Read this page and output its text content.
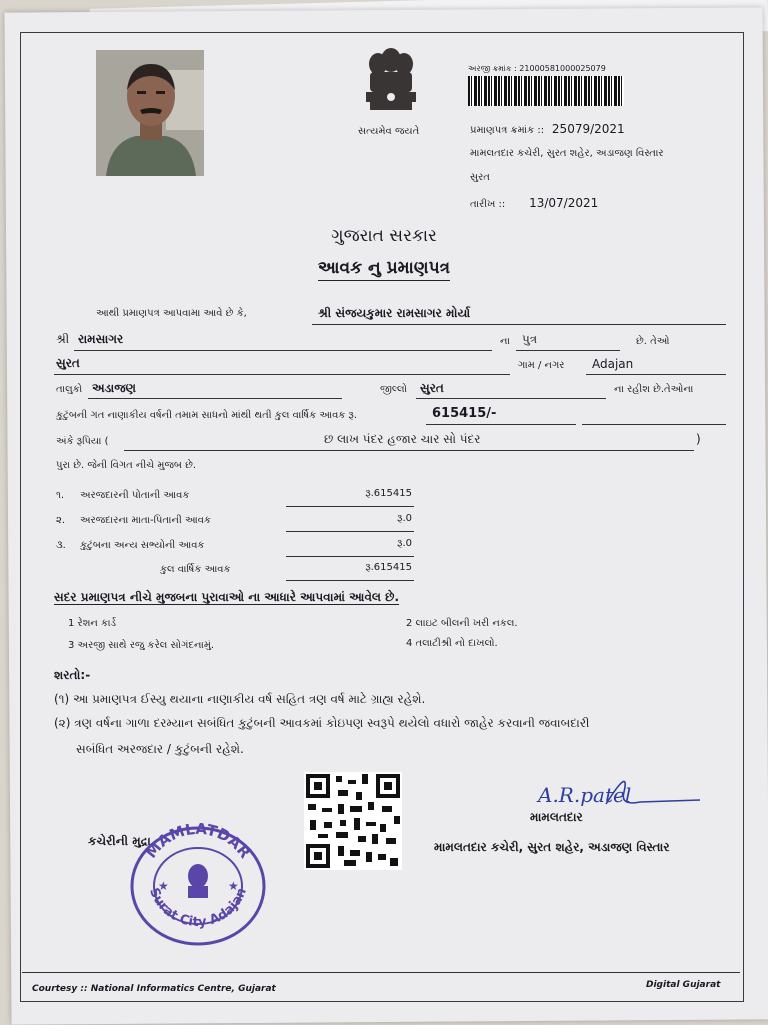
સત્યમેવ જયતે
અરજી ક્રમાંક : 21000581000025079
પ્રમાણપત્ર ક્રમાંક :: 25079/2021
મામલતદાર કચેરી, સુરત શહેર, અડાજણ વિસ્તાર
સુરત
તારીખ :: 13/07/2021
ગુજરાત સરકાર
આવક નુ પ્રમાણપત્ર
આથી પ્રમાણપત્ર આપવામા આવે છે કે,	શ્રી સંજયકુમાર રામસાગર મોર્યા
શ્રી રામસાગર	ના પુત્ર	છે. તેઓ
સુરત	ગામ / નગર Adajan
તાલુકો અડાજણ	જીલ્લો સુરત	ના રહીશ છે.તેઓના
કુટુંબની ગત નાણાકીય વર્ષની તમામ સાધનો માંથી થતી કુલ વાર્ષિક આવક રૂ.	615415/-
અંકે રૂપિયા (	છ લાખ પંદર હજાર ચાર સો પંદર	)
પુરા છે. જેની વિગત નીચે મુજબ છે.
૧. અરજદારની પોતાની આવક	રૂ.615415
૨. અરજદારના માતા-પિતાની આવક	રૂ.0
૩. કુટુંબના અન્ય સભ્યોની આવક	રૂ.0
કુલ વાર્ષિક આવક	રૂ.615415
સદર પ્રમાણપત્ર નીચે મુજબના પુરાવાઓ ના આધારે આપવામાં આવેલ છે.
1 રેશન કાર્ડ	2 લાઇટ બીલની ખરી નકલ.
3 અરજી સાથે રજુ કરેલ સોગંદનામું.	4 તલાટીશ્રી નો દાખલો.
શરતો:-
(૧) આ પ્રમાણપત્ર ઈસ્યુ થયાના નાણાકીય વર્ષ સહિત ત્રણ વર્ષ માટે ગ્રાહ્ય રહેશે.
(૨) ત્રણ વર્ષના ગાળા દરમ્યાન સબંધિત કુટુંબની આવકમાં કોઇપણ સ્વરૂપે થયેલો વધારો જાહેર કરવાની જવાબદારી
સબંધિત અરજદાર / કુટુંબની રહેશે.
કચેરીની મુદ્રા
MAMLATDAR
Surat City Adajan
★	★
A.R.patel
મામલતદાર
મામલતદાર કચેરી, સુરત શહેર, અડાજણ વિસ્તાર
Courtesy :: National Informatics Centre, Gujarat	Digital Gujarat
